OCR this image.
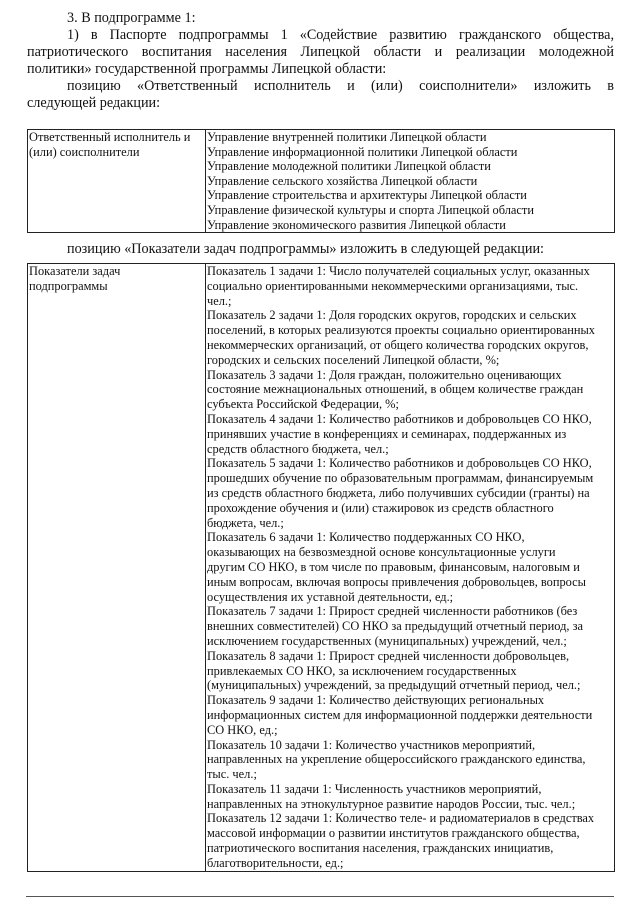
3. В подпрограмме 1:
1) в Паспорте подпрограммы 1 «Содействие развитию гражданского общества,
патриотического воспитания населения Липецкой области и реализации молодежной
политики» государственной программы Липецкой области:
позицию «Ответственный исполнитель и (или) соисполнители» изложить в
следующей редакции:
Ответственный исполнитель и
(или) соисполнители

Управление внутренней политики Липецкой области
Управление информационной политики Липецкой области
Управление молодежной политики Липецкой области
Управление сельского хозяйства Липецкой области
Управление строительства и архитектуры Липецкой области
Управление физической культуры и спорта Липецкой области
Управление экономического развития Липецкой области
позицию «Показатели задач подпрограммы» изложить в следующей редакции:
Показатели задач
подпрограммы

Показатель 1 задачи 1: Число получателей социальных услуг, оказанных
социально ориентированными некоммерческими организациями, тыс.
чел.;
Показатель 2 задачи 1: Доля городских округов, городских и сельских
поселений, в которых реализуются проекты социально ориентированных
некоммерческих организаций, от общего количества городских округов,
городских и сельских поселений Липецкой области, %;
Показатель 3 задачи 1: Доля граждан, положительно оценивающих
состояние межнациональных отношений, в общем количестве граждан
субъекта Российской Федерации, %;
Показатель 4 задачи 1: Количество работников и добровольцев СО НКО,
принявших участие в конференциях и семинарах, поддержанных из
средств областного бюджета, чел.;
Показатель 5 задачи 1: Количество работников и добровольцев СО НКО,
прошедших обучение по образовательным программам, финансируемым
из средств областного бюджета, либо получивших субсидии (гранты) на
прохождение обучения и (или) стажировок из средств областного
бюджета, чел.;
Показатель 6 задачи 1: Количество поддержанных СО НКО,
оказывающих на безвозмездной основе консультационные услуги
другим СО НКО, в том числе по правовым, финансовым, налоговым и
иным вопросам, включая вопросы привлечения добровольцев, вопросы
осуществления их уставной деятельности, ед.;
Показатель 7 задачи 1: Прирост средней численности работников (без
внешних совместителей) СО НКО за предыдущий отчетный период, за
исключением государственных (муниципальных) учреждений, чел.;
Показатель 8 задачи 1: Прирост средней численности добровольцев,
привлекаемых СО НКО, за исключением государственных
(муниципальных) учреждений, за предыдущий отчетный период, чел.;
Показатель 9 задачи 1: Количество действующих региональных
информационных систем для информационной поддержки деятельности
СО НКО, ед.;
Показатель 10 задачи 1: Количество участников мероприятий,
направленных на укрепление общероссийского гражданского единства,
тыс. чел.;
Показатель 11 задачи 1: Численность участников мероприятий,
направленных на этнокультурное развитие народов России, тыс. чел.;
Показатель 12 задачи 1: Количество теле- и радиоматериалов в средствах
массовой информации о развитии институтов гражданского общества,
патриотического воспитания населения, гражданских инициатив,
благотворительности, ед.;
